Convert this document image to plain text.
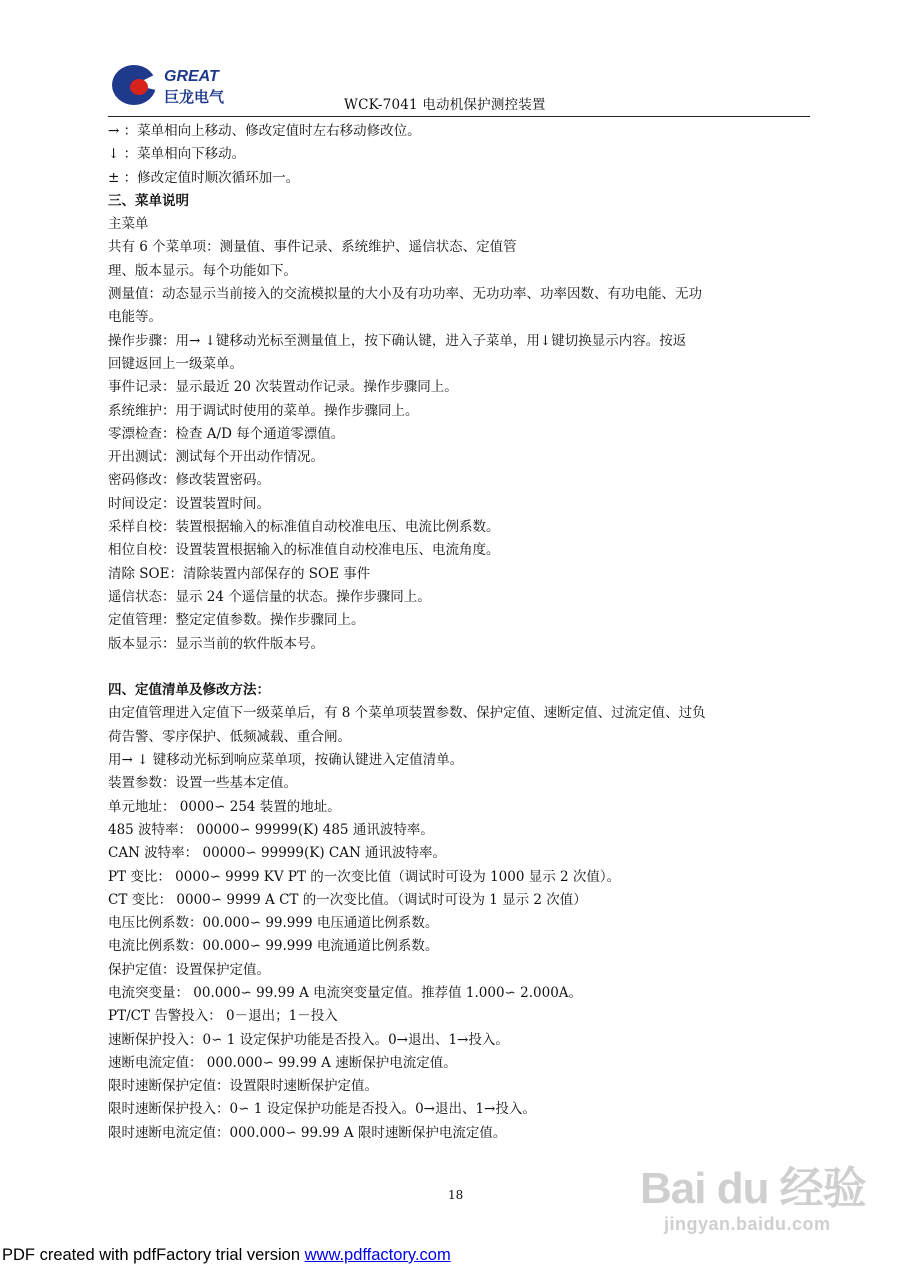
GREAT
巨龙电气	WCK-7041 电动机保护测控装置
→ ：菜单相向上移动、修改定值时左右移动修改位。
↓ ：菜单相向下移动。
± ：修改定值时顺次循环加一。
三、菜单说明
主菜单
共有 6 个菜单项：测量值、事件记录、系统维护、遥信状态、定值管
理、版本显示。每个功能如下。
测量值：动态显示当前接入的交流模拟量的大小及有功功率、无功功率、功率因数、有功电能、无功
电能等。
操作步骤：用→ ↓键移动光标至测量值上，按下确认键，进入子菜单，用↓键切换显示内容。按返
回键返回上一级菜单。
事件记录：显示最近 20 次装置动作记录。操作步骤同上。
系统维护：用于调试时使用的菜单。操作步骤同上。
零漂检查：检查 A/D 每个通道零漂值。
开出测试：测试每个开出动作情况。
密码修改：修改装置密码。
时间设定：设置装置时间。
采样自校：装置根据输入的标准值自动校准电压、电流比例系数。
相位自校：设置装置根据输入的标准值自动校准电压、电流角度。
清除 SOE：清除装置内部保存的 SOE 事件
遥信状态：显示 24 个遥信量的状态。操作步骤同上。
定值管理：整定定值参数。操作步骤同上。
版本显示：显示当前的软件版本号。
四、定值清单及修改方法：
由定值管理进入定值下一级菜单后，有 8 个菜单项装置参数、保护定值、速断定值、过流定值、过负
荷告警、零序保护、低频减载、重合闸。
用→ ↓ 键移动光标到响应菜单项，按确认键进入定值清单。
装置参数：设置一些基本定值。
单元地址： 0000∽ 254 装置的地址。
485 波特率： 00000∽ 99999(K) 485 通讯波特率。
CAN 波特率： 00000∽ 99999(K) CAN 通讯波特率。
PT 变比： 0000∽ 9999 KV PT 的一次变比值（调试时可设为 1000 显示 2 次值）。
CT 变比： 0000∽ 9999 A CT 的一次变比值。（调试时可设为 1 显示 2 次值）
电压比例系数：00.000∽ 99.999 电压通道比例系数。
电流比例系数：00.000∽ 99.999 电流通道比例系数。
保护定值：设置保护定值。
电流突变量： 00.000∽ 99.99 A 电流突变量定值。推荐值 1.000∽ 2.000A。
PT/CT 告警投入： 0－退出；1－投入
速断保护投入：0∽ 1 设定保护功能是否投入。0→退出、1→投入。
速断电流定值： 000.000∽ 99.99 A 速断保护电流定值。
限时速断保护定值：设置限时速断保护定值。
限时速断保护投入：0∽ 1 设定保护功能是否投入。0→退出、1→投入。
限时速断电流定值：000.000∽ 99.99 A 限时速断保护电流定值。
18	Bai du 经验
jingyan.baidu.com
PDF created with pdfFactory trial version www.pdffactory.com
